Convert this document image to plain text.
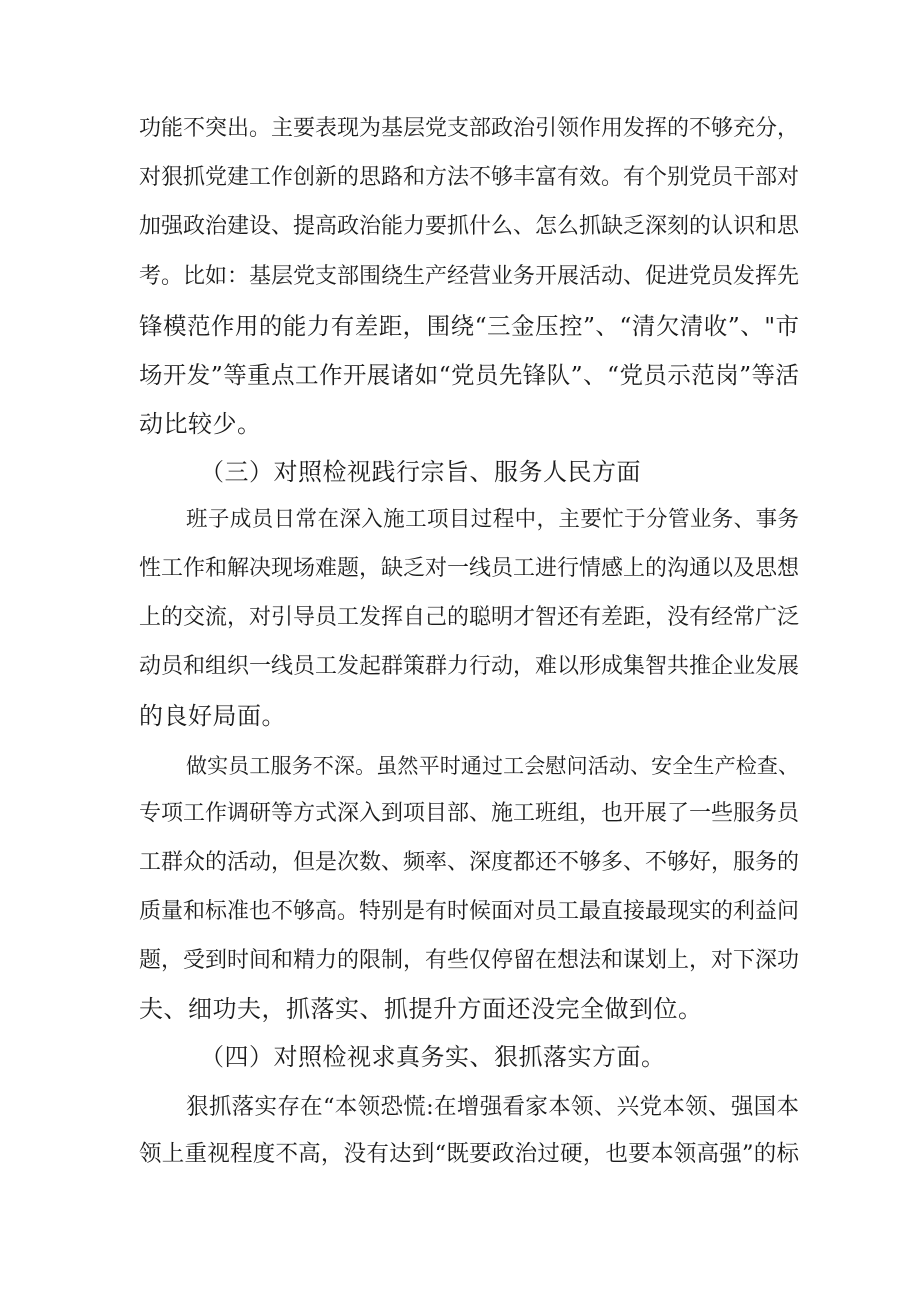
功能不突出。主要表现为基层党支部政治引领作用发挥的不够充分，
对狠抓党建工作创新的思路和方法不够丰富有效。有个别党员干部对
加强政治建设、提高政治能力要抓什么、怎么抓缺乏深刻的认识和思
考。比如：基层党支部围绕生产经营业务开展活动、促进党员发挥先
锋模范作用的能力有差距，围绕“三金压控”、“清欠清收”、"市
场开发”等重点工作开展诸如“党员先锋队”、“党员示范岗”等活
动比较少。
（三）对照检视践行宗旨、服务人民方面
班子成员日常在深入施工项目过程中，主要忙于分管业务、事务
性工作和解决现场难题，缺乏对一线员工进行情感上的沟通以及思想
上的交流，对引导员工发挥自己的聪明才智还有差距，没有经常广泛
动员和组织一线员工发起群策群力行动，难以形成集智共推企业发展
的良好局面。
做实员工服务不深。虽然平时通过工会慰问活动、安全生产检查、
专项工作调研等方式深入到项目部、施工班组，也开展了一些服务员
工群众的活动，但是次数、频率、深度都还不够多、不够好，服务的
质量和标准也不够高。特别是有时候面对员工最直接最现实的利益问
题，受到时间和精力的限制，有些仅停留在想法和谋划上，对下深功
夫、细功夫，抓落实、抓提升方面还没完全做到位。
（四）对照检视求真务实、狠抓落实方面。
狠抓落实存在“本领恐慌:在增强看家本领、兴党本领、强国本
领上重视程度不高，没有达到“既要政治过硬，也要本领高强”的标
